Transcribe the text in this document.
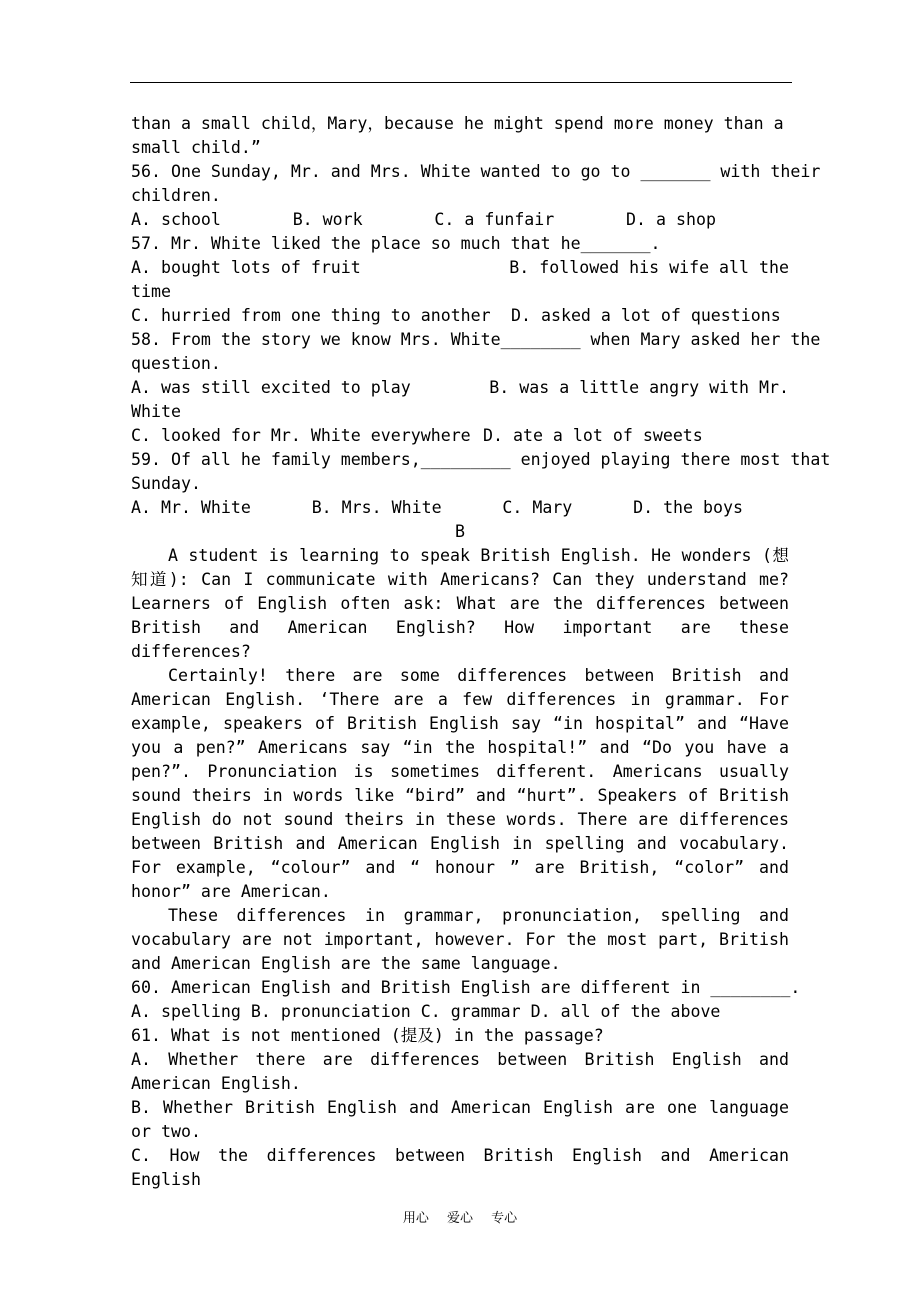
than a small child，Mary，because he might spend more money than a

small child.”

56. One Sunday, Mr. and Mrs. White wanted to go to _______ with their

children.

A. school	B. work	C. a funfair	D. a shop

57. Mr. White liked the place so much that he_______.

A. bought lots of fruit	B. followed his wife all the

time

C. hurried from one thing to another	D. asked a lot of questions

58. From the story we know Mrs. White________ when Mary asked her the

question.

A. was still excited to play	B. was a little angry with Mr.

White

C. looked for Mr. White everywhere D. ate a lot of sweets

59. Of all he family members,_________ enjoyed playing there most that

Sunday.

A. Mr. White	B. Mrs. White	C. Mary	D. the boys

B

A student is learning to speak British English. He wonders (想知道): Can I communicate with Americans? Can they understand me? Learners of English often ask: What are the differences between British and American English? How important are these differences?

Certainly! there are some differences between British and American English. ‘There are a few differences in grammar. For example, speakers of British English say “in hospital” and “Have you a pen?” Americans say “in the hospital!” and “Do you have a pen?”. Pronunciation is sometimes different. Americans usually sound theirs in words like “bird” and “hurt”. Speakers of British English do not sound theirs in these words. There are differences between British and American English in spelling and vocabulary. For example, “colour” and “ honour ” are British, “color” and honor” are American.

These differences in grammar, pronunciation, spelling and vocabulary are not important, however. For the most part, British and American English are the same language.

60. American English and British English are different in ________.

A. spelling B. pronunciation C. grammar D. all of the above

61. What is not mentioned (提及) in the passage?

A. Whether there are differences between British English and American English.

B. Whether British English and American English are one language or two.

C. How the differences between British English and American English

用心 爱心 专心
